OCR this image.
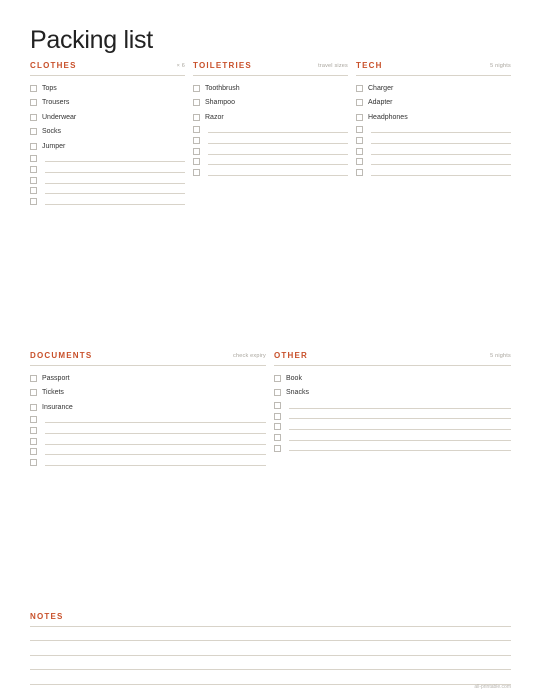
Packing list
CLOTHES	× 6
Tops
Trousers
Underwear
Socks
Jumper
TOILETRIES	travel sizes
Toothbrush
Shampoo
Razor
TECH	5 nights
Charger
Adapter
Headphones
DOCUMENTS	check expiry
Passport
Tickets
Insurance
OTHER	5 nights
Book
Snacks
NOTES
all-printable.com
